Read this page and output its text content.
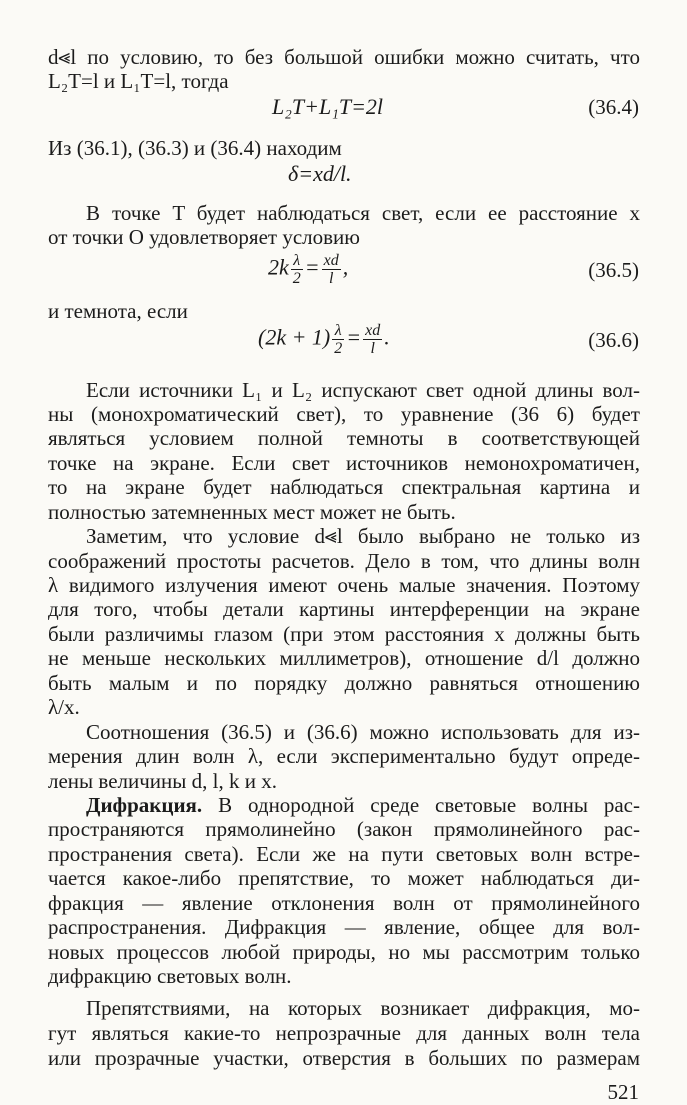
d⪡l по условию, то без большой ошибки можно считать, что
L₂T=l и L₁T=l, тогда
L₂T+L₁T=2l	(36.4)
Из (36.1), (36.3) и (36.4) находим
δ=xd/l.
В точке T будет наблюдаться свет, если ее расстояние x
от точки O удовлетворяет условию
$2k \frac{\lambda}{2} = \frac{xd}{l}$ ,	(36.5)
и темнота, если
$(2k + 1) \frac{\lambda}{2} = \frac{xd}{l}$ .	(36.6)
Если источники L₁ и L₂ испускают свет одной длины вол-
ны (монохроматический свет), то уравнение (36 6) будет
являться условием полной темноты в соответствующей
точке на экране. Если свет источников немонохроматичен,
то на экране будет наблюдаться спектральная картина и
полностью затемненных мест может не быть.
Заметим, что условие d⪡l было выбрано не только из
соображений простоты расчетов. Дело в том, что длины волн
λ видимого излучения имеют очень малые значения. Поэтому
для того, чтобы детали картины интерференции на экране
были различимы глазом (при этом расстояния x должны быть
не меньше нескольких миллиметров), отношение d/l должно
быть малым и по порядку должно равняться отношению
λ/x.
Соотношения (36.5) и (36.6) можно использовать для из-
мерения длин волн λ, если экспериментально будут опреде-
лены величины d, l, k и x.
Дифракция. В однородной среде световые волны рас-
пространяются прямолинейно (закон прямолинейного рас-
пространения света). Если же на пути световых волн встре-
чается какое-либо препятствие, то может наблюдаться ди-
фракция — явление отклонения волн от прямолинейного
распространения. Дифракция — явление, общее для вол-
новых процессов любой природы, но мы рассмотрим только
дифракцию световых волн.
521
Препятствиями, на которых возникает дифракция, мо-
гут являться какие-то непрозрачные для данных волн тела
или прозрачные участки, отверстия в больших по размерам
